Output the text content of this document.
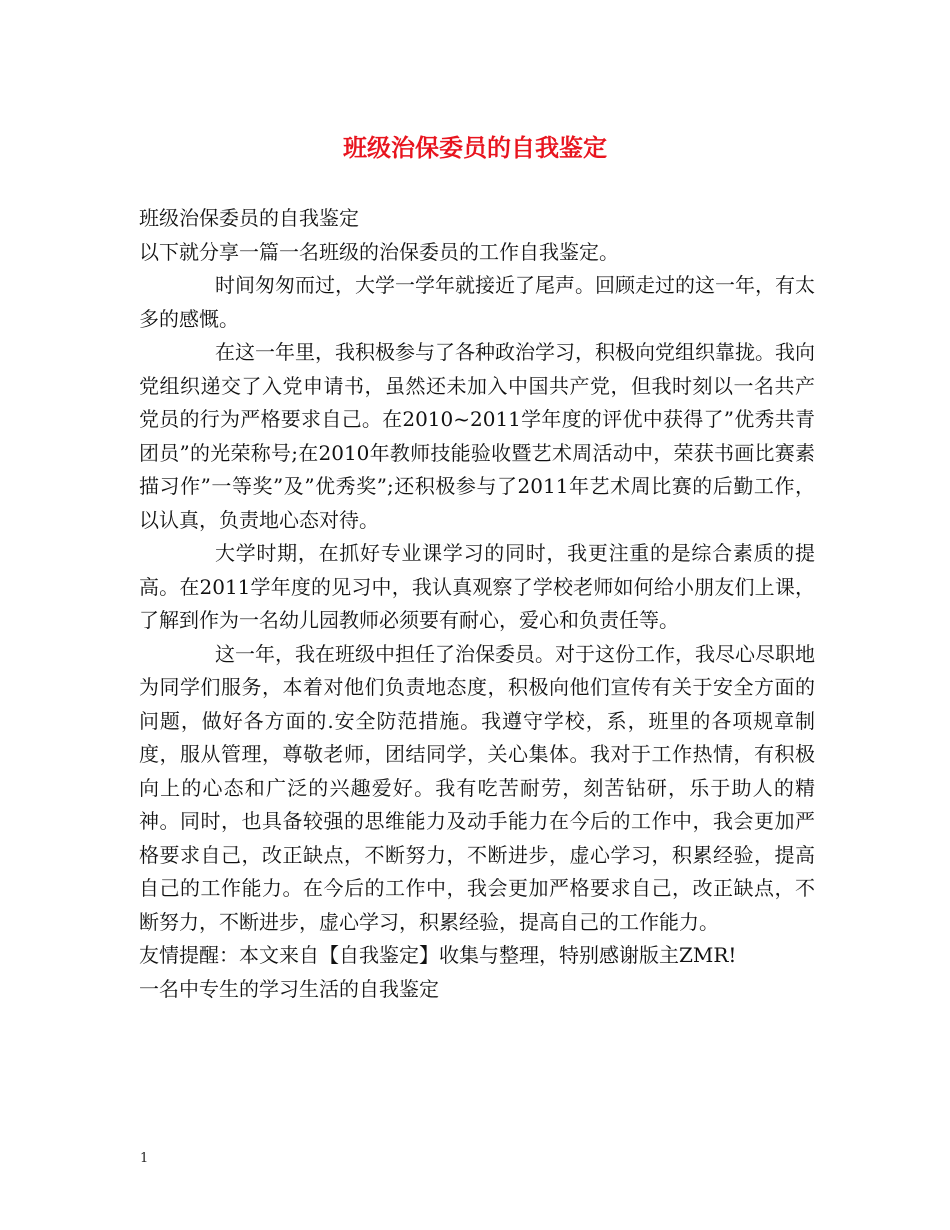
班级治保委员的自我鉴定

班级治保委员的自我鉴定

以下就分享一篇一名班级的治保委员的工作自我鉴定。

时间匆匆而过，大学一学年就接近了尾声。回顾走过的这一年，有太多的感慨。

在这一年里，我积极参与了各种政治学习，积极向党组织靠拢。我向党组织递交了入党申请书，虽然还未加入中国共产党，但我时刻以一名共产党员的行为严格要求自己。在2010~2011学年度的评优中获得了”优秀共青团员”的光荣称号;在2010年教师技能验收暨艺术周活动中，荣获书画比赛素描习作”一等奖”及”优秀奖”;还积极参与了2011年艺术周比赛的后勤工作，以认真，负责地心态对待。

大学时期，在抓好专业课学习的同时，我更注重的是综合素质的提高。在2011学年度的见习中，我认真观察了学校老师如何给小朋友们上课，了解到作为一名幼儿园教师必须要有耐心，爱心和负责任等。

这一年，我在班级中担任了治保委员。对于这份工作，我尽心尽职地为同学们服务，本着对他们负责地态度，积极向他们宣传有关于安全方面的问题，做好各方面的.安全防范措施。我遵守学校，系，班里的各项规章制度，服从管理，尊敬老师，团结同学，关心集体。我对于工作热情，有积极向上的心态和广泛的兴趣爱好。我有吃苦耐劳，刻苦钻研，乐于助人的精神。同时，也具备较强的思维能力及动手能力在今后的工作中，我会更加严格要求自己，改正缺点，不断努力，不断进步，虚心学习，积累经验，提高自己的工作能力。在今后的工作中，我会更加严格要求自己，改正缺点，不断努力，不断进步，虚心学习，积累经验，提高自己的工作能力。

友情提醒：本文来自【自我鉴定】收集与整理，特别感谢版主ZMR!

一名中专生的学习生活的自我鉴定

1
